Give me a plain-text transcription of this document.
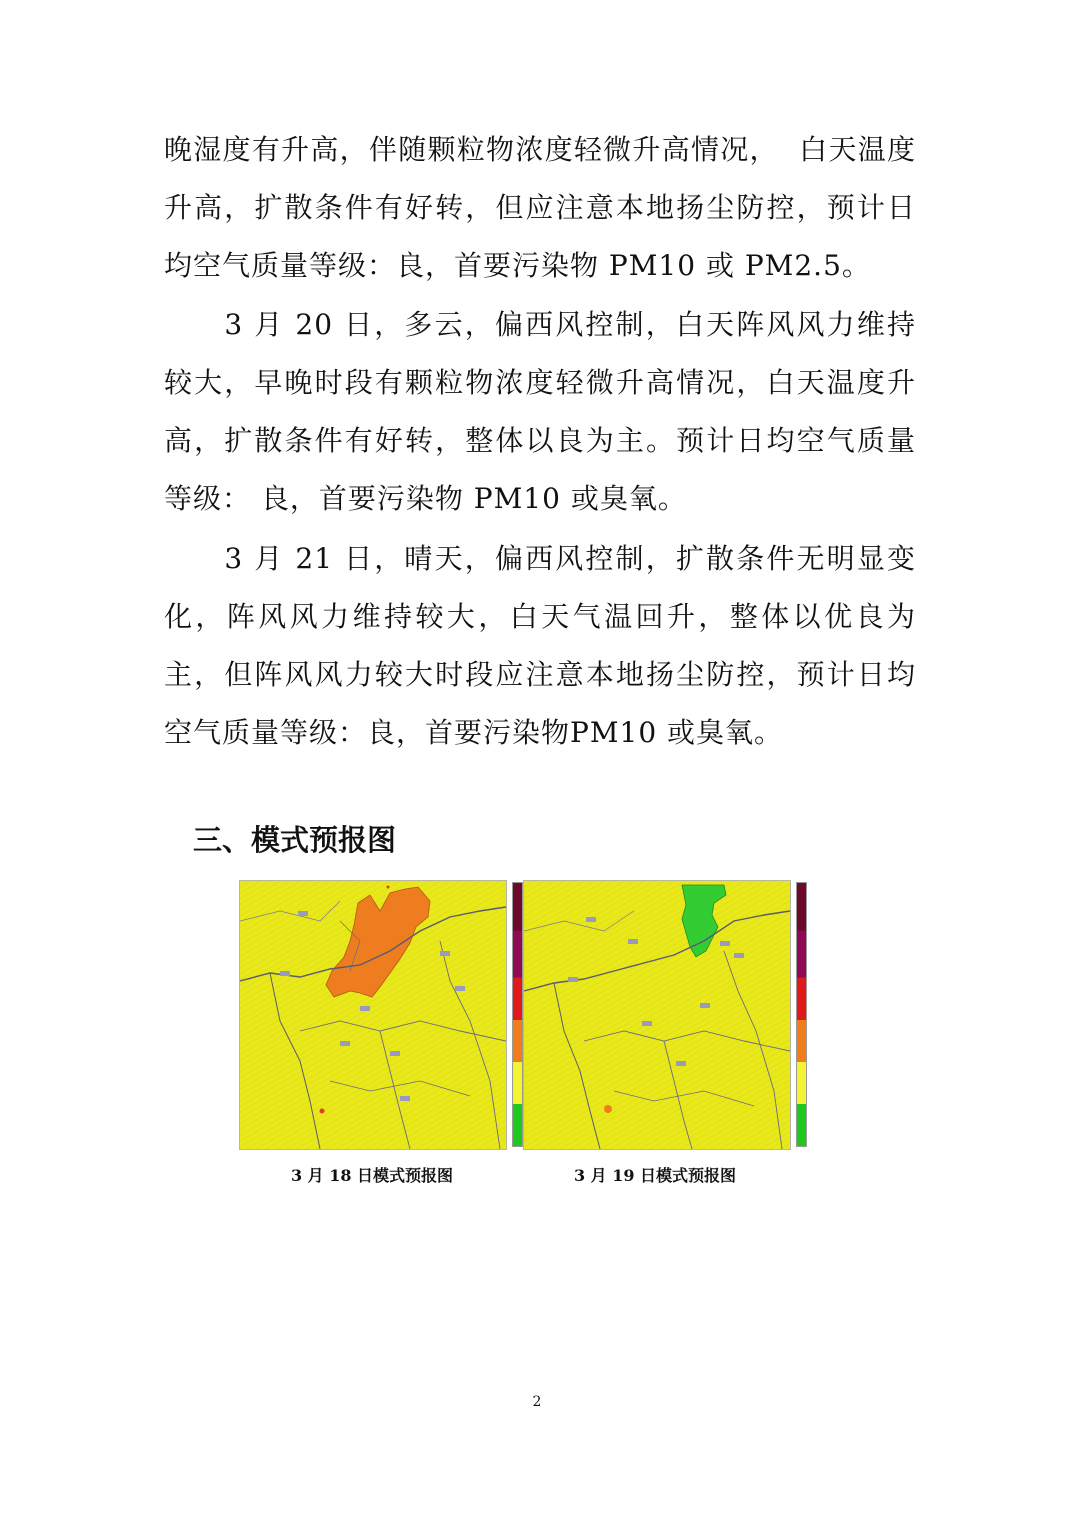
晚湿度有升高，伴随颗粒物浓度轻微升高情况，  白天温度升高，扩散条件有好转，但应注意本地扬尘防控，预计日均空气质量等级：良，首要污染物 PM10 或 PM2.5。

　　3 月 20 日，多云，偏西风控制，白天阵风风力维持较大，早晚时段有颗粒物浓度轻微升高情况，白天温度升高，扩散条件有好转，整体以良为主。预计日均空气质量等级： 良，首要污染物 PM10 或臭氧。

　　3 月 21 日，晴天，偏西风控制，扩散条件无明显变化，阵风风力维持较大，白天气温回升，整体以优良为主，但阵风风力较大时段应注意本地扬尘防控，预计日均空气质量等级：良，首要污染物PM10 或臭氧。

三、模式预报图

3 月 18 日模式预报图	3 月 19 日模式预报图

2
